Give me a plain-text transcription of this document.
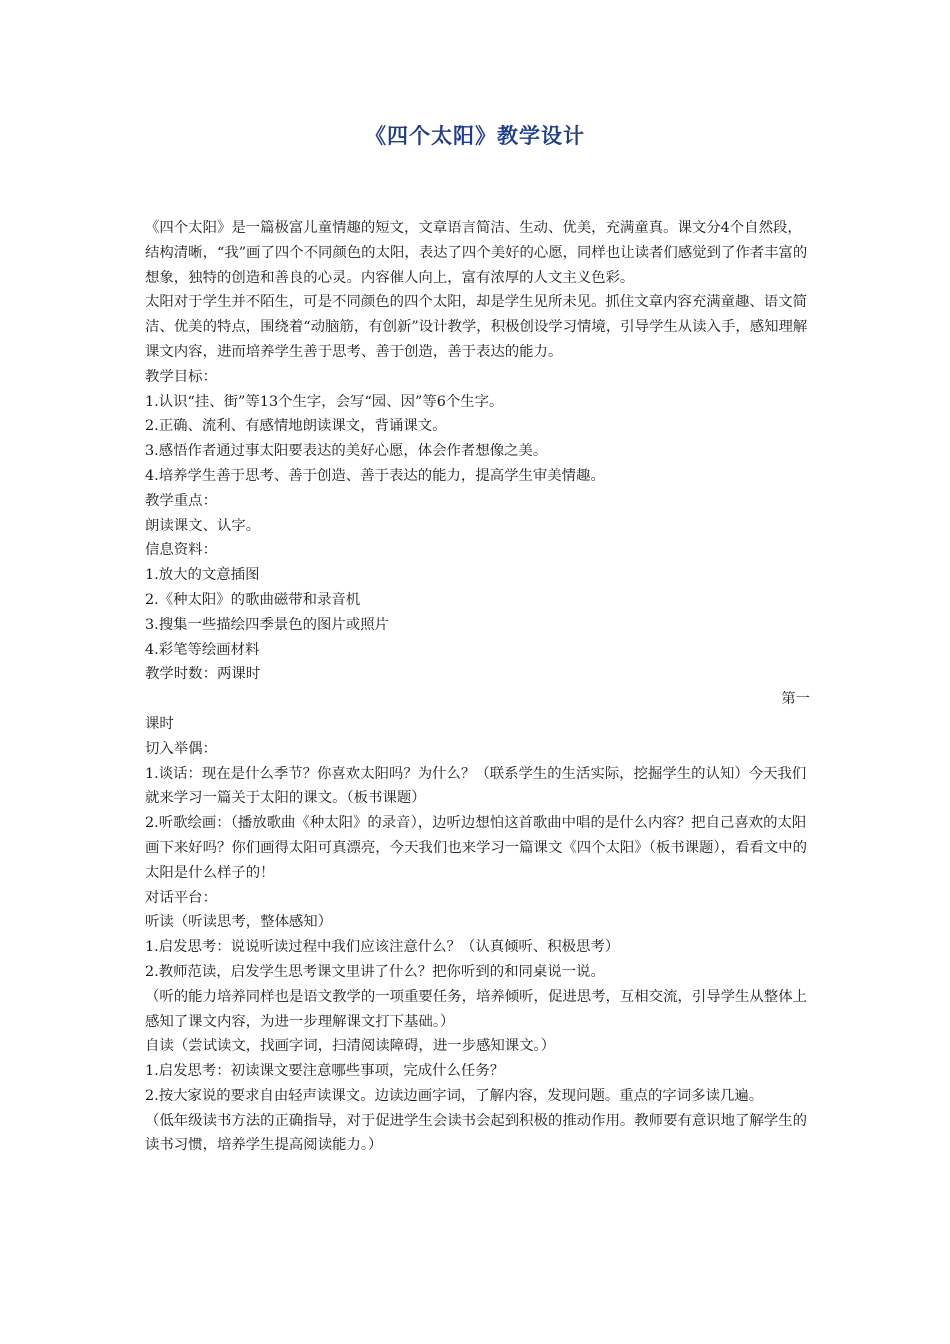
《四个太阳》教学设计

《四个太阳》是一篇极富儿童情趣的短文，文章语言简洁、生动、优美，充满童真。课文分4个自然段，结构清晰，“我”画了四个不同颜色的太阳，表达了四个美好的心愿，同样也让读者们感觉到了作者丰富的想象，独特的创造和善良的心灵。内容催人向上，富有浓厚的人文主义色彩。

太阳对于学生并不陌生，可是不同颜色的四个太阳，却是学生见所未见。抓住文章内容充满童趣、语文简洁、优美的特点，围绕着“动脑筋，有创新”设计教学，积极创设学习情境，引导学生从读入手，感知理解课文内容，进而培养学生善于思考、善于创造，善于表达的能力。

教学目标：

1.认识“挂、街”等13个生字，会写“园、因”等6个生字。

2.正确、流利、有感情地朗读课文，背诵课文。

3.感悟作者通过事太阳要表达的美好心愿，体会作者想像之美。

4.培养学生善于思考、善于创造、善于表达的能力，提高学生审美情趣。

教学重点：

朗读课文、认字。

信息资料：

1.放大的文意插图

2.《种太阳》的歌曲磁带和录音机

3.搜集一些描绘四季景色的图片或照片

4.彩笔等绘画材料

教学时数：两课时

第一

课时

切入举偶：

1.谈话：现在是什么季节？你喜欢太阳吗？为什么？（联系学生的生活实际，挖掘学生的认知）今天我们就来学习一篇关于太阳的课文。（板书课题）

2.听歌绘画：（播放歌曲《种太阳》的录音），边听边想怕这首歌曲中唱的是什么内容？把自己喜欢的太阳画下来好吗？你们画得太阳可真漂亮，今天我们也来学习一篇课文《四个太阳》（板书课题），看看文中的太阳是什么样子的！

对话平台：

听读（听读思考，整体感知）

1.启发思考：说说听读过程中我们应该注意什么？（认真倾听、积极思考）

2.教师范读，启发学生思考课文里讲了什么？把你听到的和同桌说一说。

（听的能力培养同样也是语文教学的一项重要任务，培养倾听，促进思考，互相交流，引导学生从整体上感知了课文内容，为进一步理解课文打下基础。）

自读（尝试读文，找画字词，扫清阅读障碍，进一步感知课文。）

1.启发思考：初读课文要注意哪些事项，完成什么任务？

2.按大家说的要求自由轻声读课文。边读边画字词，了解内容，发现问题。重点的字词多读几遍。

（低年级读书方法的正确指导，对于促进学生会读书会起到积极的推动作用。教师要有意识地了解学生的读书习惯，培养学生提高阅读能力。）
